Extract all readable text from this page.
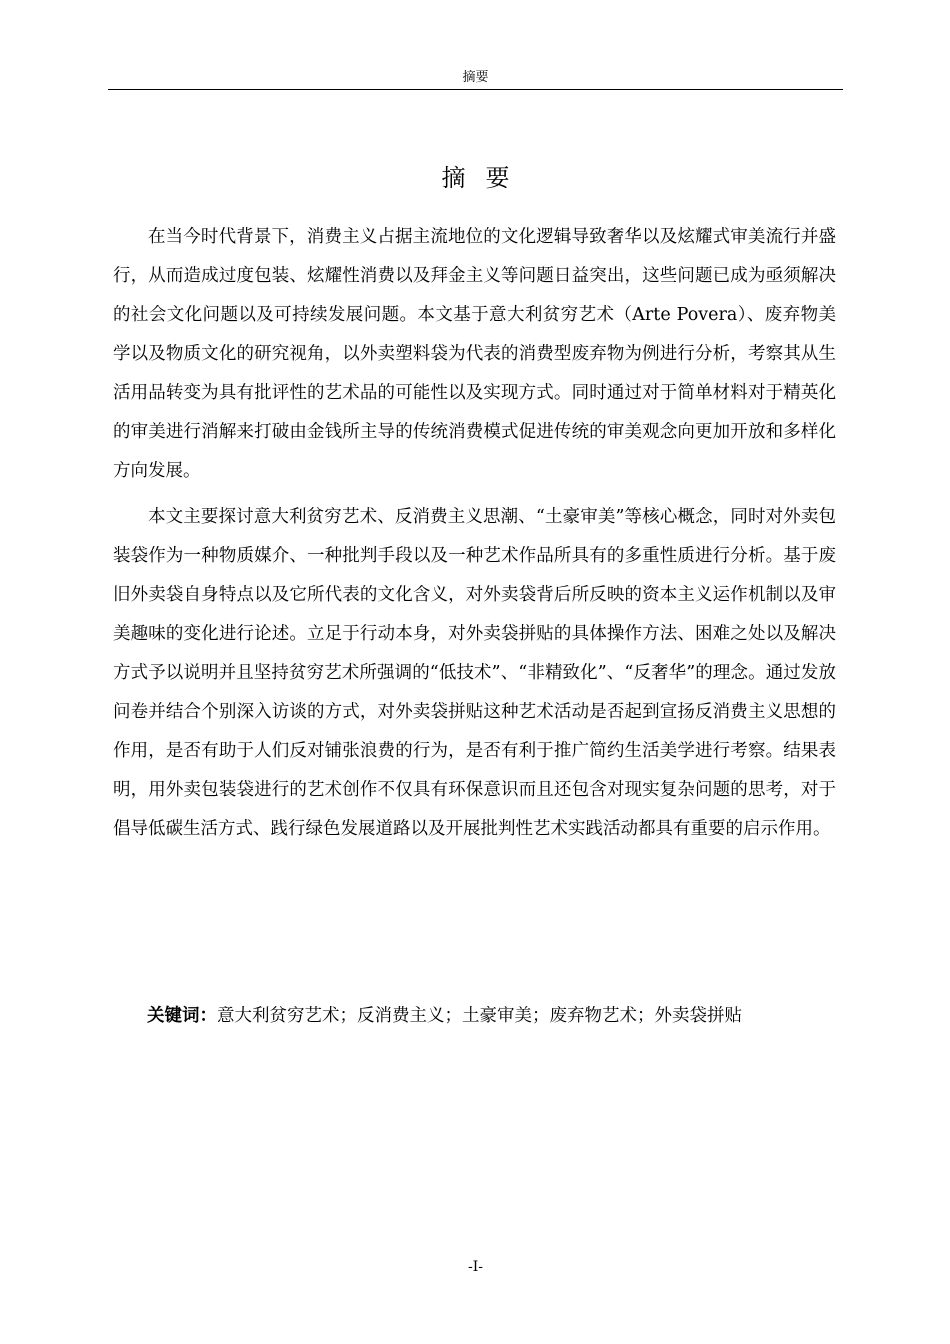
摘要
摘要

在当今时代背景下，消费主义占据主流地位的文化逻辑导致奢华以及炫耀式审美流行并盛行，从而造成过度包装、炫耀性消费以及拜金主义等问题日益突出，这些问题已成为亟须解决的社会文化问题以及可持续发展问题。本文基于意大利贫穷艺术（Arte Povera）、废弃物美学以及物质文化的研究视角，以外卖塑料袋为代表的消费型废弃物为例进行分析，考察其从生活用品转变为具有批评性的艺术品的可能性以及实现方式。同时通过对于简单材料对于精英化的审美进行消解来打破由金钱所主导的传统消费模式促进传统的审美观念向更加开放和多样化方向发展。

本文主要探讨意大利贫穷艺术、反消费主义思潮、“土豪审美”等核心概念，同时对外卖包装袋作为一种物质媒介、一种批判手段以及一种艺术作品所具有的多重性质进行分析。基于废旧外卖袋自身特点以及它所代表的文化含义，对外卖袋背后所反映的资本主义运作机制以及审美趣味的变化进行论述。立足于行动本身，对外卖袋拼贴的具体操作方法、困难之处以及解决方式予以说明并且坚持贫穷艺术所强调的“低技术”、“非精致化”、“反奢华”的理念。通过发放问卷并结合个别深入访谈的方式，对外卖袋拼贴这种艺术活动是否起到宣扬反消费主义思想的作用，是否有助于人们反对铺张浪费的行为，是否有利于推广简约生活美学进行考察。结果表明，用外卖包装袋进行的艺术创作不仅具有环保意识而且还包含对现实复杂问题的思考，对于倡导低碳生活方式、践行绿色发展道路以及开展批判性艺术实践活动都具有重要的启示作用。

关键词：意大利贫穷艺术；反消费主义；土豪审美；废弃物艺术；外卖袋拼贴
-I-
